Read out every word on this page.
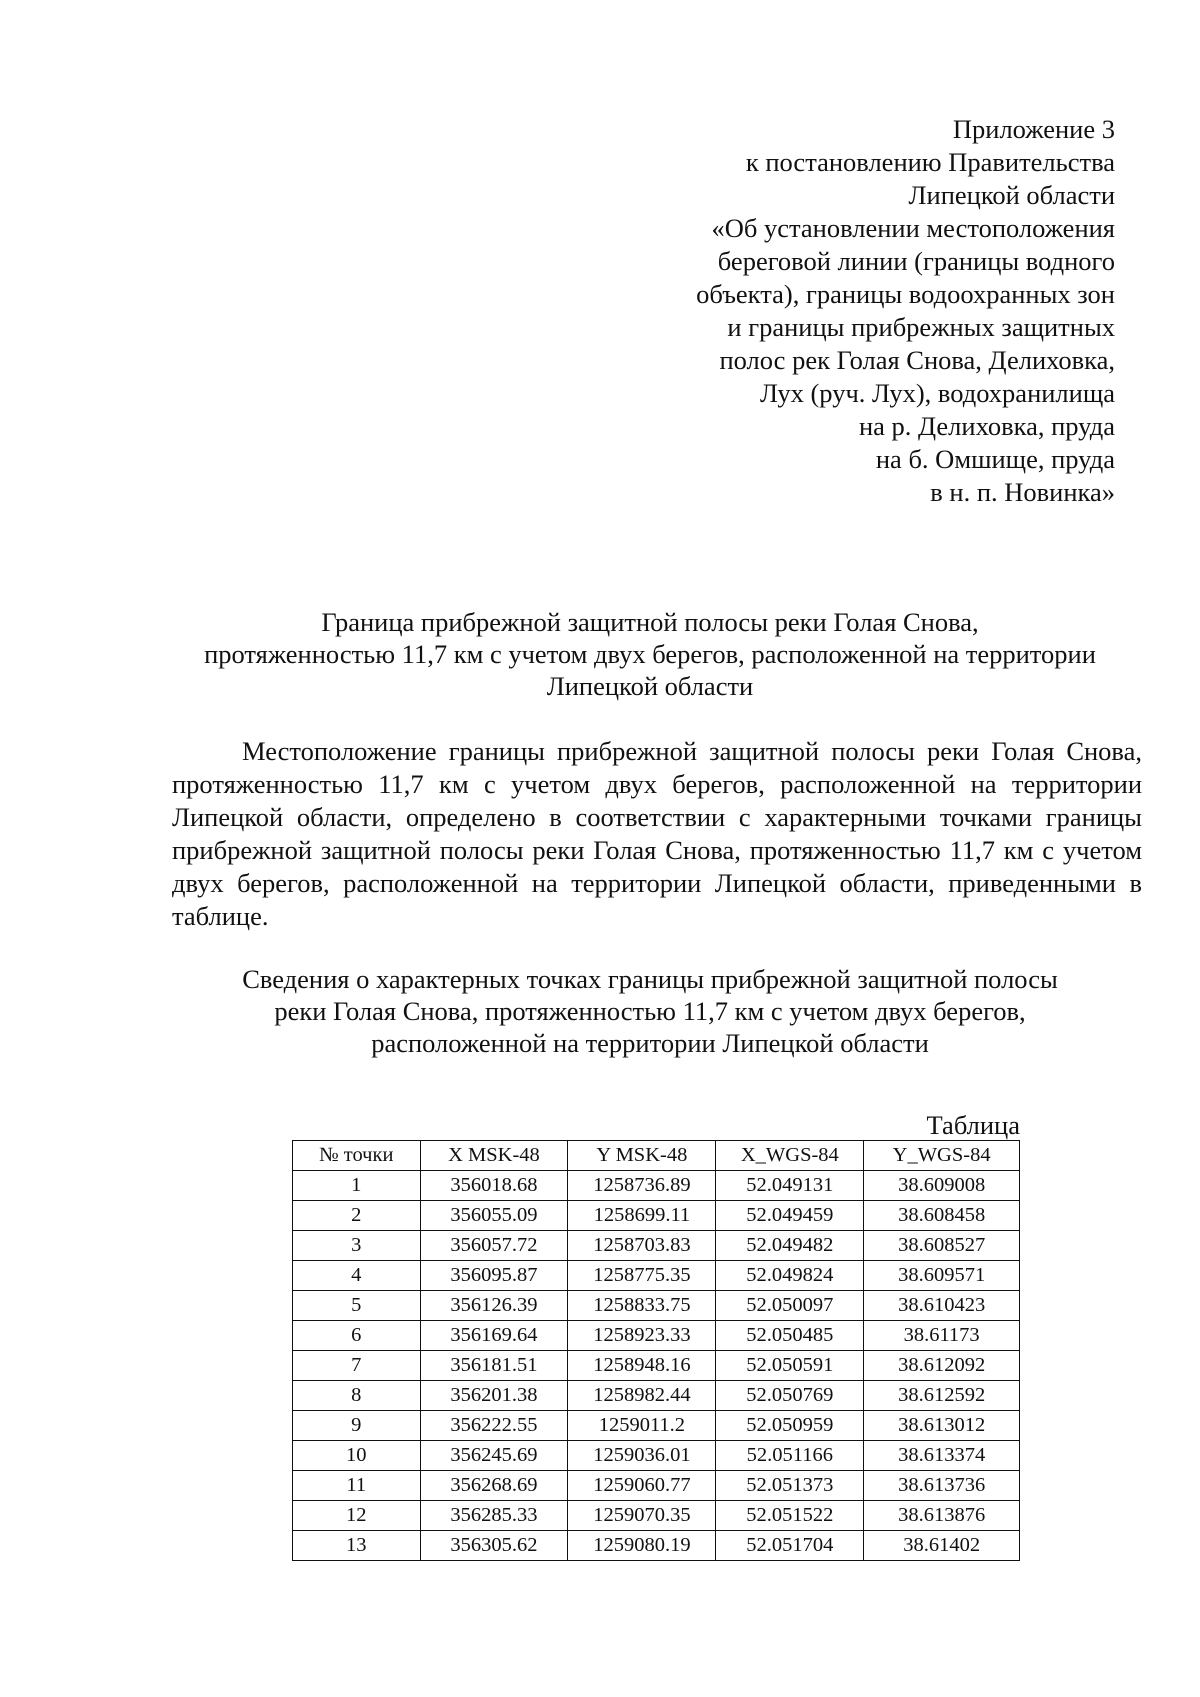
Приложение 3
к постановлению Правительства
Липецкой области
«Об установлении местоположения
береговой линии (границы водного
объекта), границы водоохранных зон
и границы прибрежных защитных
полос рек Голая Снова, Делиховка,
Лух (руч. Лух), водохранилища
на р. Делиховка, пруда
на б. Омшище, пруда
в н. п. Новинка»
Граница прибрежной защитной полосы реки Голая Снова,
протяженностью 11,7 км с учетом двух берегов, расположенной на территории
Липецкой области

Местоположение границы прибрежной защитной полосы реки Голая Снова, протяженностью 11,7 км с учетом двух берегов, расположенной на территории Липецкой области, определено в соответствии с характерными точками границы прибрежной защитной полосы реки Голая Снова, протяженностью 11,7 км с учетом двух берегов, расположенной на территории Липецкой области, приведенными в таблице.

Сведения о характерных точках границы прибрежной защитной полосы
реки Голая Снова, протяженностью 11,7 км с учетом двух берегов,
расположенной на территории Липецкой области
Таблица
№ точки	X MSK-48	Y MSK-48	X_WGS-84	Y_WGS-84
1	356018.68	1258736.89	52.049131	38.609008
2	356055.09	1258699.11	52.049459	38.608458
3	356057.72	1258703.83	52.049482	38.608527
4	356095.87	1258775.35	52.049824	38.609571
5	356126.39	1258833.75	52.050097	38.610423
6	356169.64	1258923.33	52.050485	38.61173
7	356181.51	1258948.16	52.050591	38.612092
8	356201.38	1258982.44	52.050769	38.612592
9	356222.55	1259011.2	52.050959	38.613012
10	356245.69	1259036.01	52.051166	38.613374
11	356268.69	1259060.77	52.051373	38.613736
12	356285.33	1259070.35	52.051522	38.613876
13	356305.62	1259080.19	52.051704	38.61402
